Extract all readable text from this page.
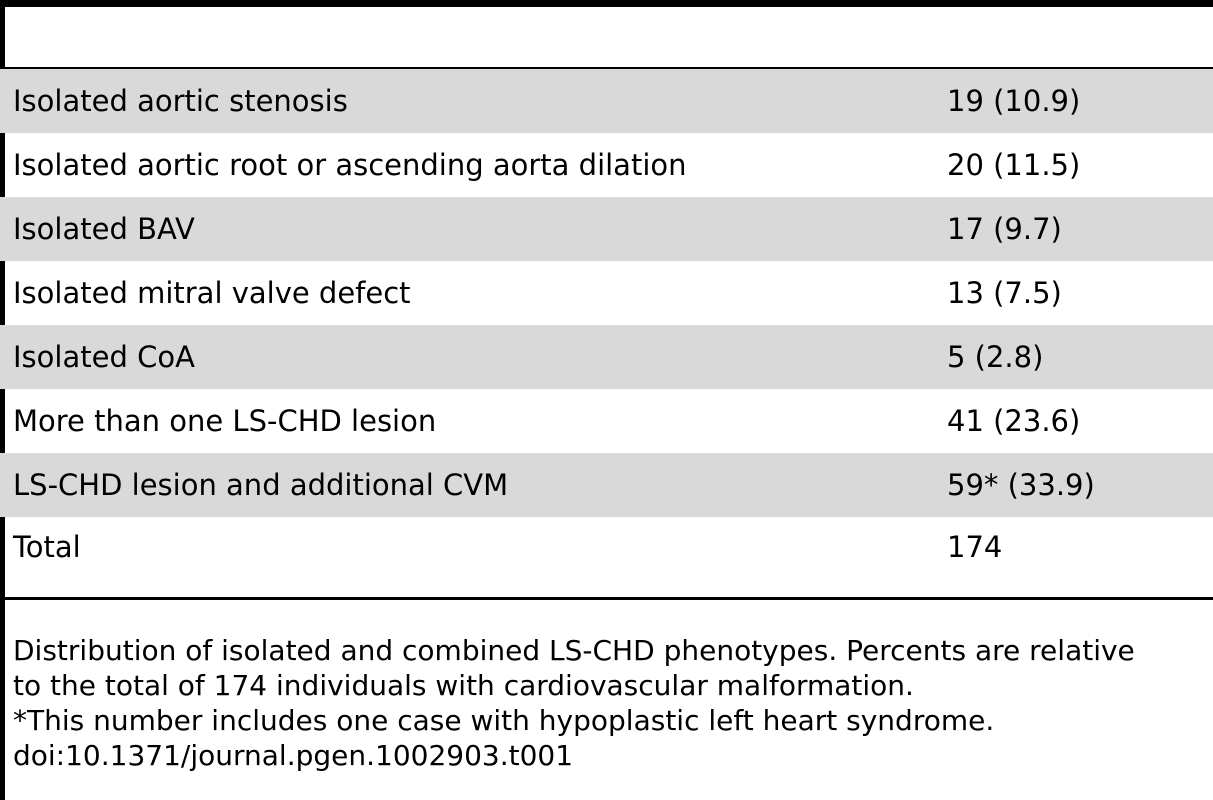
Isolated aortic stenosis	19 (10.9)
Isolated aortic root or ascending aorta dilation	20 (11.5)
Isolated BAV	17 (9.7)
Isolated mitral valve defect	13 (7.5)
Isolated CoA	5 (2.8)
More than one LS-CHD lesion	41 (23.6)
LS-CHD lesion and additional CVM	59* (33.9)
Total	174
Distribution of isolated and combined LS-CHD phenotypes. Percents are relative
to the total of 174 individuals with cardiovascular malformation.
*This number includes one case with hypoplastic left heart syndrome.
doi:10.1371/journal.pgen.1002903.t001
